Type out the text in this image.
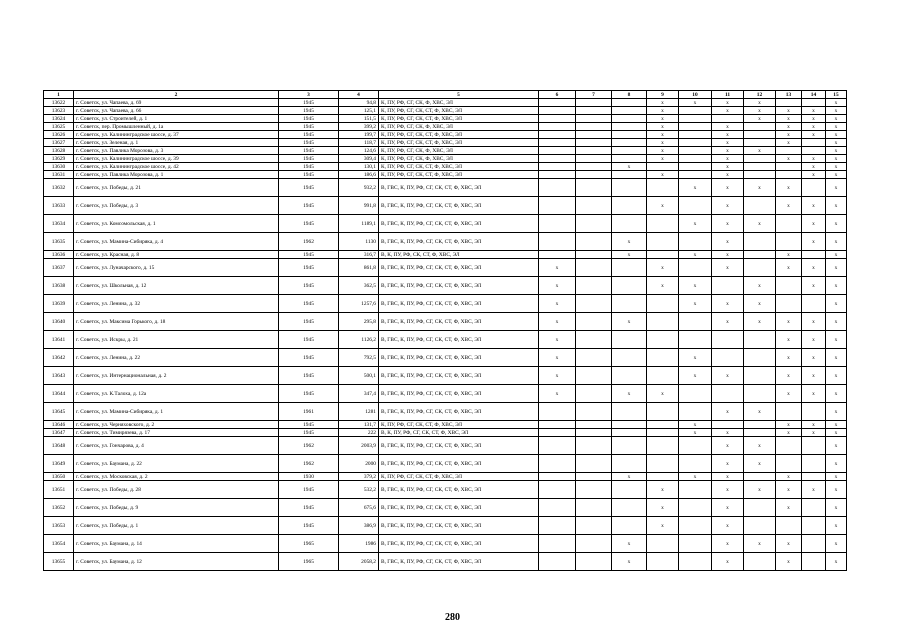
1	2	3	4	5	6	7	8	9	10	11	12	13	14	15
13622	г. Советск, ул. Чапаева, д. 69	1945	94,8	К, ПУ, РФ, СГ, СК, Ф, ХВС, ЭЛ				x	x	x	x			x
13623	г. Советск, ул. Чапаева, д. 66	1945	125,1	К, ПУ, РФ, СГ, СК, СТ, Ф, ХВС, ЭЛ				x		x	x	x	x	x
13624	г. Советск, ул. Строителей, д. 1	1945	151,5	К, ПУ, РФ, СГ, СК, СТ, Ф, ХВС, ЭЛ				x			x	x	x	x
13625	г. Советск, пер. Промышленный, д. 1а	1945	399,2	К, ПУ, РФ, СГ, СК, Ф, ХВС, ЭЛ				x		x		x	x	x
13626	г. Советск, ул. Калининградское шоссе, д. 37	1945	199,7	К, ПУ, РФ, СГ, СК, СТ, Ф, ХВС, ЭЛ				x		x		x	x	x
13627	г. Советск, ул. Зеленая, д. 1	1945	118,7	К, ПУ, РФ, СГ, СК, СТ, Ф, ХВС, ЭЛ				x		x		x		x
13628	г. Советск, ул. Павлика Морозова, д. 3	1945	124,6	К, ПУ, РФ, СГ, СК, Ф, ХВС, ЭЛ				x		x	x			x
13629	г. Советск, ул. Калининградское шоссе, д. 39	1945	309,4	К, ПУ, РФ, СГ, СК, Ф, ХВС, ЭЛ				x		x		x	x	x
13630	г. Советск, ул. Калининградское шоссе, д. 42	1945	130,1	К, ПУ, РФ, СГ, СК, СТ, Ф, ХВС, ЭЛ			x			x			x	x
13631	г. Советск, ул. Павлика Морозова, д. 1	1945	186,6	К, ПУ, РФ, СГ, СК, СТ, Ф, ХВС, ЭЛ				x		x			x	x
13632	г. Советск, ул. Победы, д. 21	1945	932,2	В, ГВС, К, ПУ, РФ, СГ, СК, СТ, Ф, ХВС, ЭЛ					x	x	x	x		x
13633	г. Советск, ул. Победы, д. 3	1945	991,8	В, ГВС, К, ПУ, РФ, СГ, СК, СТ, Ф, ХВС, ЭЛ				x		x		x	x	x
13634	г. Советск, ул. Комсомольская, д. 1	1945	1189,1	В, ГВС, К, ПУ, РФ, СГ, СК, СТ, Ф, ХВС, ЭЛ					x	x	x		x	x
13635	г. Советск, ул. Мамина-Сибиряка, д. 4	1962	1130	В, ГВС, К, ПУ, РФ, СГ, СК, СТ, Ф, ХВС, ЭЛ			x			x			x	x
13636	г. Советск, ул. Красная, д. 8	1945	316,7	В, К, ПУ, РФ, СК, СТ, Ф, ХВС, ЭЛ			x		x	x		x		x
13637	г. Советск, ул. Луначарского, д. 15	1945	861,8	В, ГВС, К, ПУ, РФ, СГ, СК, СТ, Ф, ХВС, ЭЛ	x			x		x		x	x	x
13638	г. Советск, ул. Школьная, д. 12	1945	362,5	В, ГВС, К, ПУ, РФ, СГ, СК, СТ, Ф, ХВС, ЭЛ	x			x	x		x		x	x
13639	г. Советск, ул. Ленина, д. 32	1945	1257,6	В, ГВС, К, ПУ, РФ, СГ, СК, СТ, Ф, ХВС, ЭЛ	x				x	x	x			x
13640	г. Советск, ул. Максима Горького, д. 18	1945	295,8	В, ГВС, К, ПУ, РФ, СГ, СК, СТ, Ф, ХВС, ЭЛ	x		x			x	x	x	x	x
13641	г. Советск, ул. Искры, д. 21	1945	1126,2	В, ГВС, К, ПУ, РФ, СГ, СК, СТ, Ф, ХВС, ЭЛ	x							x	x	x
13642	г. Советск, ул. Ленина, д. 22	1945	792,5	В, ГВС, К, ПУ, РФ, СГ, СК, СТ, Ф, ХВС, ЭЛ	x				x			x	x	x
13643	г. Советск, ул. Интернациональная, д. 2	1945	500,1	В, ГВС, К, ПУ, РФ, СГ, СК, СТ, Ф, ХВС, ЭЛ	x				x	x		x	x	x
13644	г. Советск, ул. К.Талоха, д. 12а	1945	347,4	В, ГВС, К, ПУ, РФ, СГ, СК, СТ, Ф, ХВС, ЭЛ	x		x	x				x	x	x
13645	г. Советск, ул. Мамина-Сибиряка, д. 1	1961	1281	В, ГВС, К, ПУ, РФ, СГ, СК, СТ, Ф, ХВС, ЭЛ						x	x			x
13646	г. Советск, ул. Черняховского, д. 2	1945	131,7	К, ПУ, РФ, СГ, СК, СТ, Ф, ХВС, ЭЛ					x			x	x	x
13647	г. Советск, ул. Тимирязева, д. 17	1945	222	В, К, ПУ, РФ, СГ, СК, СТ, Ф, ХВС, ЭЛ					x	x		x	x	x
13648	г. Советск, ул. Гончарова, д. 4	1962	2003,9	В, ГВС, К, ПУ, РФ, СГ, СК, СТ, Ф, ХВС, ЭЛ						x	x			x
13649	г. Советск, ул. Баумана, д. 22	1962	2000	В, ГВС, К, ПУ, РФ, СГ, СК, СТ, Ф, ХВС, ЭЛ						x	x			x
13650	г. Советск, ул. Московская, д. 2	1930	379,2	К, ПУ, РФ, СГ, СК, СТ, Ф, ХВС, ЭЛ			x		x	x		x		x
13651	г. Советск, ул. Победы, д. 28	1945	532,2	В, ГВС, К, ПУ, РФ, СГ, СК, СТ, Ф, ХВС, ЭЛ				x		x	x	x	x	x
13652	г. Советск, ул. Победы, д. 9	1945	675,6	В, ГВС, К, ПУ, РФ, СГ, СК, СТ, Ф, ХВС, ЭЛ				x		x		x		x
13653	г. Советск, ул. Победы, д. 1	1945	386,9	В, ГВС, К, ПУ, РФ, СГ, СК, СТ, Ф, ХВС, ЭЛ				x		x				x
13654	г. Советск, ул. Баумана, д. 14	1965	1986	В, ГВС, К, ПУ, РФ, СГ, СК, СТ, Ф, ХВС, ЭЛ			x			x	x	x		x
13655	г. Советск, ул. Баумана, д. 12	1965	2058,2	В, ГВС, К, ПУ, РФ, СГ, СК, СТ, Ф, ХВС, ЭЛ			x			x		x		x
280
